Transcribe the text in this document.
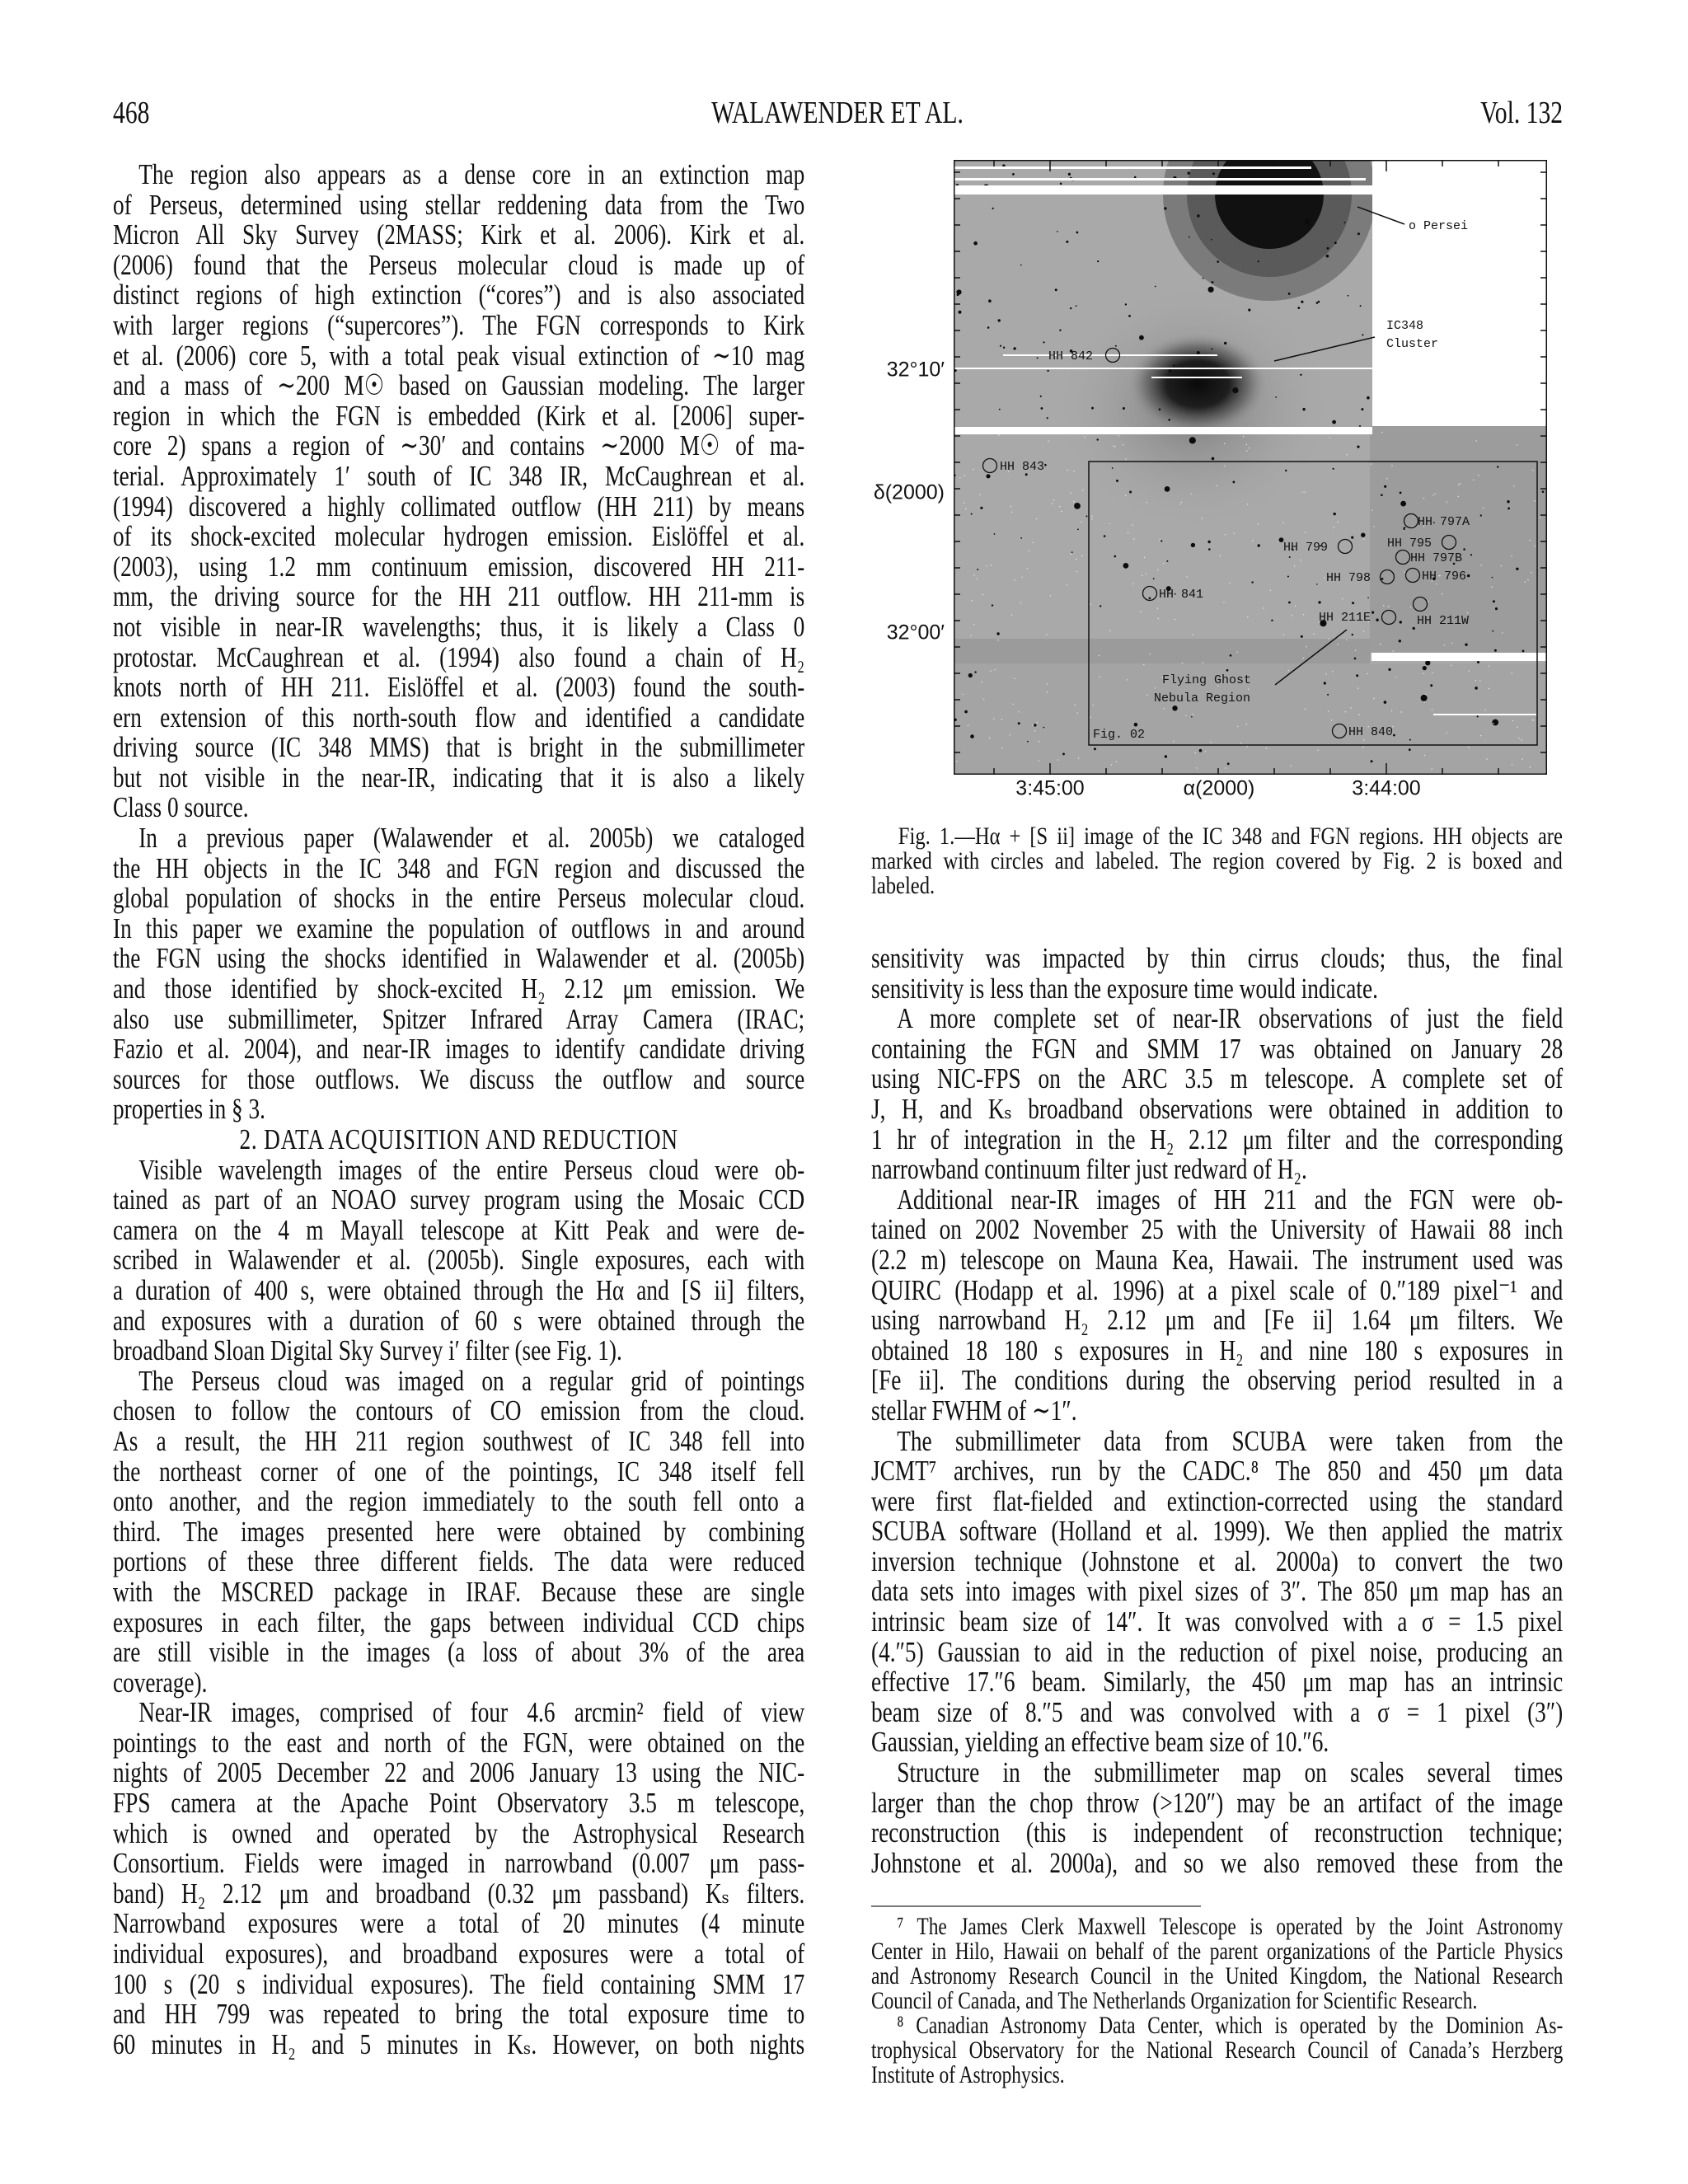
468	WALAWENDER ET AL.	Vol. 132
The region also appears as a dense core in an extinction map
of Perseus, determined using stellar reddening data from the Two
Micron All Sky Survey (2MASS; Kirk et al. 2006). Kirk et al.
(2006) found that the Perseus molecular cloud is made up of
distinct regions of high extinction (“cores”) and is also associated
with larger regions (“supercores”). The FGN corresponds to Kirk
et al. (2006) core 5, with a total peak visual extinction of ∼10 mag
and a mass of ∼200 M☉ based on Gaussian modeling. The larger
region in which the FGN is embedded (Kirk et al. [2006] super-
core 2) spans a region of ∼30′ and contains ∼2000 M☉ of ma-
terial. Approximately 1′ south of IC 348 IR, McCaughrean et al.
(1994) discovered a highly collimated outflow (HH 211) by means
of its shock-excited molecular hydrogen emission. Eislöffel et al.
(2003), using 1.2 mm continuum emission, discovered HH 211-
mm, the driving source for the HH 211 outflow. HH 211-mm is
not visible in near-IR wavelengths; thus, it is likely a Class 0
protostar. McCaughrean et al. (1994) also found a chain of H₂
knots north of HH 211. Eislöffel et al. (2003) found the south-
ern extension of this north-south flow and identified a candidate
driving source (IC 348 MMS) that is bright in the submillimeter
but not visible in the near-IR, indicating that it is also a likely
Class 0 source.
In a previous paper (Walawender et al. 2005b) we cataloged
the HH objects in the IC 348 and FGN region and discussed the
global population of shocks in the entire Perseus molecular cloud.
In this paper we examine the population of outflows in and around
the FGN using the shocks identified in Walawender et al. (2005b)
and those identified by shock-excited H₂ 2.12 μm emission. We
also use submillimeter, Spitzer Infrared Array Camera (IRAC;
Fazio et al. 2004), and near-IR images to identify candidate driving
sources for those outflows. We discuss the outflow and source
properties in § 3.
2. DATA ACQUISITION AND REDUCTION
Visible wavelength images of the entire Perseus cloud were ob-
tained as part of an NOAO survey program using the Mosaic CCD
camera on the 4 m Mayall telescope at Kitt Peak and were de-
scribed in Walawender et al. (2005b). Single exposures, each with
a duration of 400 s, were obtained through the Hα and [S ii] filters,
and exposures with a duration of 60 s were obtained through the
broadband Sloan Digital Sky Survey i′ filter (see Fig. 1).
The Perseus cloud was imaged on a regular grid of pointings
chosen to follow the contours of CO emission from the cloud.
As a result, the HH 211 region southwest of IC 348 fell into
the northeast corner of one of the pointings, IC 348 itself fell
onto another, and the region immediately to the south fell onto a
third. The images presented here were obtained by combining
portions of these three different fields. The data were reduced
with the MSCRED package in IRAF. Because these are single
exposures in each filter, the gaps between individual CCD chips
are still visible in the images (a loss of about 3% of the area
coverage).
Near-IR images, comprised of four 4.6 arcmin² field of view
pointings to the east and north of the FGN, were obtained on the
nights of 2005 December 22 and 2006 January 13 using the NIC-
FPS camera at the Apache Point Observatory 3.5 m telescope,
which is owned and operated by the Astrophysical Research
Consortium. Fields were imaged in narrowband (0.007 μm pass-
band) H₂ 2.12 μm and broadband (0.32 μm passband) Kₛ filters.
Narrowband exposures were a total of 20 minutes (4 minute
individual exposures), and broadband exposures were a total of
100 s (20 s individual exposures). The field containing SMM 17
and HH 799 was repeated to bring the total exposure time to
60 minutes in H₂ and 5 minutes in Kₛ. However, on both nights
o Persei
IC348
Cluster
Flying Ghost
Nebula Region
Fig. 02
HH 842
HH 843
HH 797A
HH 795
HH 799
HH 797B
HH 798	HH 796
HH 841
HH 211E	HH 211W
HH 840
3:45:00	α(2000)	3:44:00
32°10′
δ(2000)
32°00′
Fig. 1.—Hα + [S ii] image of the IC 348 and FGN regions. HH objects are
marked with circles and labeled. The region covered by Fig. 2 is boxed and
labeled.
sensitivity was impacted by thin cirrus clouds; thus, the final
sensitivity is less than the exposure time would indicate.
A more complete set of near-IR observations of just the field
containing the FGN and SMM 17 was obtained on January 28
using NIC-FPS on the ARC 3.5 m telescope. A complete set of
J, H, and Kₛ broadband observations were obtained in addition to
1 hr of integration in the H₂ 2.12 μm filter and the corresponding
narrowband continuum filter just redward of H₂.
Additional near-IR images of HH 211 and the FGN were ob-
tained on 2002 November 25 with the University of Hawaii 88 inch
(2.2 m) telescope on Mauna Kea, Hawaii. The instrument used was
QUIRC (Hodapp et al. 1996) at a pixel scale of 0.″189 pixel⁻¹ and
using narrowband H₂ 2.12 μm and [Fe ii] 1.64 μm filters. We
obtained 18 180 s exposures in H₂ and nine 180 s exposures in
[Fe ii]. The conditions during the observing period resulted in a
stellar FWHM of ∼1″.
The submillimeter data from SCUBA were taken from the
JCMT⁷ archives, run by the CADC.⁸ The 850 and 450 μm data
were first flat-fielded and extinction-corrected using the standard
SCUBA software (Holland et al. 1999). We then applied the matrix
inversion technique (Johnstone et al. 2000a) to convert the two
data sets into images with pixel sizes of 3″. The 850 μm map has an
intrinsic beam size of 14″. It was convolved with a σ = 1.5 pixel
(4.″5) Gaussian to aid in the reduction of pixel noise, producing an
effective 17.″6 beam. Similarly, the 450 μm map has an intrinsic
beam size of 8.″5 and was convolved with a σ = 1 pixel (3″)
Gaussian, yielding an effective beam size of 10.″6.
Structure in the submillimeter map on scales several times
larger than the chop throw (>120″) may be an artifact of the image
reconstruction (this is independent of reconstruction technique;
Johnstone et al. 2000a), and so we also removed these from the
⁷ The James Clerk Maxwell Telescope is operated by the Joint Astronomy
Center in Hilo, Hawaii on behalf of the parent organizations of the Particle Physics
and Astronomy Research Council in the United Kingdom, the National Research
Council of Canada, and The Netherlands Organization for Scientific Research.
⁸ Canadian Astronomy Data Center, which is operated by the Dominion As-
trophysical Observatory for the National Research Council of Canada’s Herzberg
Institute of Astrophysics.
